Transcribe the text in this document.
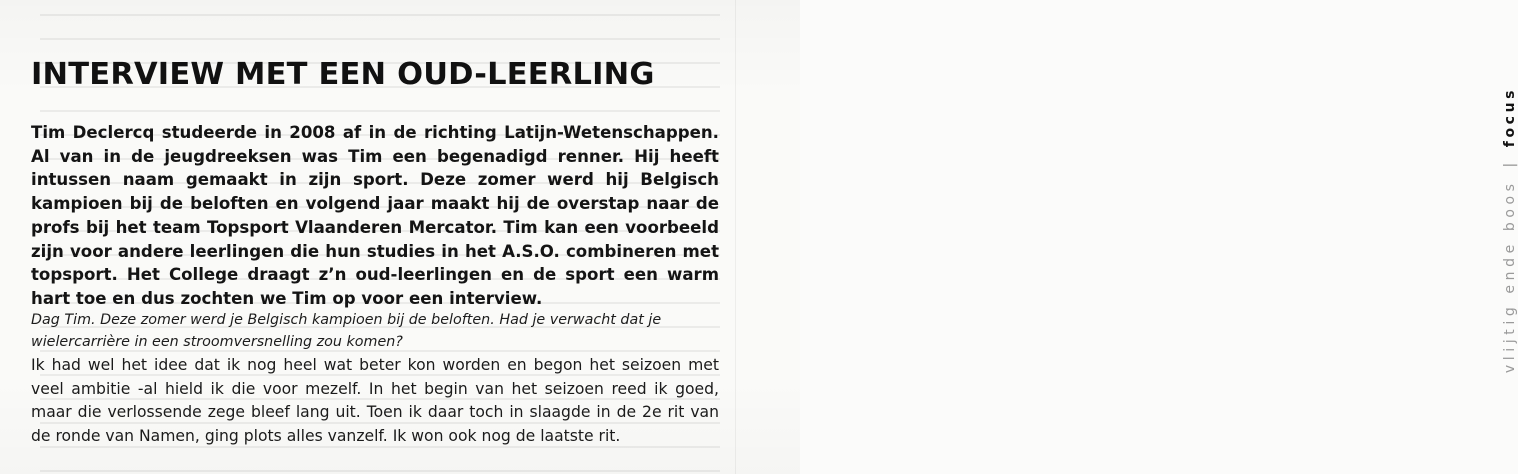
INTERVIEW MET EEN OUD-LEERLING

Tim Declercq studeerde in 2008 af in de richting Latijn-Wetenschappen. Al van in de jeugdreeksen was Tim een begenadigd renner. Hij heeft intussen naam gemaakt in zijn sport. Deze zomer werd hij Belgisch kampioen bij de beloften en volgend jaar maakt hij de overstap naar de profs bij het team Topsport Vlaanderen Mercator. Tim kan een voorbeeld zijn voor andere leerlingen die hun studies in het A.S.O. combineren met topsport. Het College draagt z’n oud-leerlingen en de sport een warm hart toe en dus zochten we Tim op voor een interview.

Dag Tim. Deze zomer werd je Belgisch kampioen bij de beloften. Had je verwacht dat je wielercarrière in een stroomversnelling zou komen?

Ik had wel het idee dat ik nog heel wat beter kon worden en begon het seizoen met veel ambitie -al hield ik die voor mezelf. In het begin van het seizoen reed ik goed, maar die verlossende zege bleef lang uit. Toen ik daar toch in slaagde in de 2e rit van de ronde van Namen, ging plots alles vanzelf. Ik won ook nog de laatste rit.

vlijtig ende boos|focus
